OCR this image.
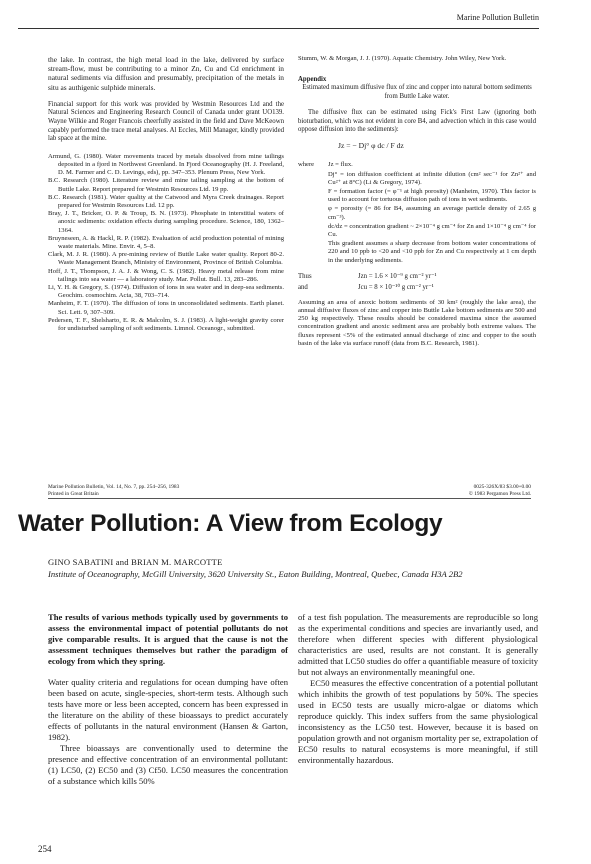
Marine Pollution Bulletin

the lake. In contrast, the high metal load in the lake, delivered by surface stream-flow, must be contributing to a minor Zn, Cu and Cd enrichment in natural sediments via diffusion and presumably, precipitation of the metals in situ as authigenic sulphide minerals.

Financial support for this work was provided by Westmin Resources Ltd and the Natural Sciences and Engineering Research Council of Canada under grant UO139. Wayne Wilkie and Roger Francois cheerfully assisted in the field and Dave McKeown capably performed the trace metal analyses. Al Eccles, Mill Manager, kindly provided lab space at the mine.

Armund, G. (1980). Water movements traced by metals dissolved from mine tailings deposited in a fjord in Northwest Greenland. In Fjord Oceanography (H. J. Freeland, D. M. Farmer and C. D. Levings, eds), pp. 347–353. Plenum Press, New York.

B.C. Research (1980). Literature review and mine tailing sampling at the bottom of Buttle Lake. Report prepared for Westmin Resources Ltd. 19 pp.

B.C. Research (1981). Water quality at the Catwood and Myra Creek drainages. Report prepared for Westmin Resources Ltd. 12 pp.

Bray, J. T., Bricker, O. P. & Troup, B. N. (1973). Phosphate in interstitial waters of anoxic sediments: oxidation effects during sampling procedure. Science, 180, 1362–1364.

Bruyneseen, A. & Hackl, R. P. (1982). Evaluation of acid production potential of mining waste materials. Mine. Envir. 4, 5–8.

Clark, M. J. R. (1980). A pre-mining review of Buttle Lake water quality. Report 80-2. Waste Management Branch, Ministry of Environment, Province of British Columbia.

Hoff, J. T., Thompson, J. A. J. & Wong, C. S. (1982). Heavy metal release from mine tailings into sea water — a laboratory study. Mar. Pollut. Bull. 13, 283–286.

Li, Y. H. & Gregory, S. (1974). Diffusion of ions in sea water and in deep-sea sediments. Geochim. cosmochim. Acta, 38, 703–714.

Manheim, F. T. (1970). The diffusion of ions in unconsolidated sediments. Earth planet. Sci. Lett. 9, 307–309.

Pedersen, T. F., Shelsharto, E. R. & Malcolm, S. J. (1983). A light-weight gravity corer for undisturbed sampling of soft sediments. Limnol. Oceanogr., submitted.

Stumm, W. & Morgan, J. J. (1970). Aquatic Chemistry. John Wiley, New York.

Appendix

Estimated maximum diffusive flux of zinc and copper into natural bottom sediments from Buttle Lake water.

The diffusive flux can be estimated using Fick's First Law (ignoring both bioturbation, which was not evident in core B4, and advection which in this case would oppose diffusion into the sediments):

Jz = − Dj° φ dc / F dz
where	Jz = flux.

Dj° = ion diffusion coefficient at infinite dilution (cm² sec⁻¹ for Zn²⁺ and Cu²⁺ at 8°C) (Li & Gregory, 1974).

F = formation factor (= φ⁻¹ at high porosity) (Manheim, 1970). This factor is used to account for tortuous diffusion path of ions in wet sediments.

φ = porosity (= 86 for B4, assuming an average particle density of 2.65 g cm⁻³).

dc/dz = concentration gradient ~ 2×10⁻⁴ g cm⁻⁴ for Zn and 1×10⁻⁴ g cm⁻⁴ for Cu.

This gradient assumes a sharp decrease from bottom water concentrations of 220 and 10 ppb to <20 and <10 ppb for Zn and Cu respectively at 1 cm depth in the underlying sediments.

Thus
and
Jzn = 1.6 × 10⁻⁹ g cm⁻² yr⁻¹
Jcu = 8 × 10⁻¹⁰ g cm⁻² yr⁻¹

Assuming an area of anoxic bottom sediments of 30 km² (roughly the lake area), the annual diffusive fluxes of zinc and copper into Buttle Lake bottom sediments are 500 and 250 kg respectively. These results should be considered maxima since the assumed concentration gradient and anoxic sediment area are probably both extreme values. The fluxes represent <5% of the estimated annual discharge of zinc and copper to the south basin of the lake via surface runoff (data from B.C. Research, 1981).

Marine Pollution Bulletin, Vol. 14, No. 7, pp. 254–256, 1983
Printed in Great Britain
0025-326X/83 $3.00+0.00
© 1983 Pergamon Press Ltd.
Water Pollution: A View from Ecology
GINO SABATINI and BRIAN M. MARCOTTE
Institute of Oceanography, McGill University, 3620 University St., Eaton Building, Montreal, Quebec, Canada H3A 2B2

The results of various methods typically used by governments to assess the environmental impact of potential pollutants do not give comparable results. It is argued that the cause is not the assessment techniques themselves but rather the paradigm of ecology from which they spring.

Water quality criteria and regulations for ocean dumping have often been based on acute, single-species, short-term tests. Although such tests have more or less been accepted, concern has been expressed in the literature on the ability of these bioassays to predict accurately effects of pollutants in the natural environment (Hansen & Garton, 1982).

Three bioassays are conventionally used to determine the presence and effective concentration of an environmental pollutant: (1) LC50, (2) EC50 and (3) Cf50. LC50 measures the concentration of a substance which kills 50%

of a test fish population. The measurements are reproducible so long as the experimental conditions and species are invariantly used, and therefore when different species with different physiological characteristics are used, results are not constant. It is generally admitted that LC50 studies do offer a quantifiable measure of toxicity but not always an environmentally meaningful one.

EC50 measures the effective concentration of a potential pollutant which inhibits the growth of test populations by 50%. The species used in EC50 tests are usually micro-algae or diatoms which reproduce quickly. This index suffers from the same physiological inconsistency as the LC50 test. However, because it is based on population growth and not organism mortality per se, extrapolation of EC50 results to natural ecosystems is more meaningful, if still environmentally hazardous.

254
